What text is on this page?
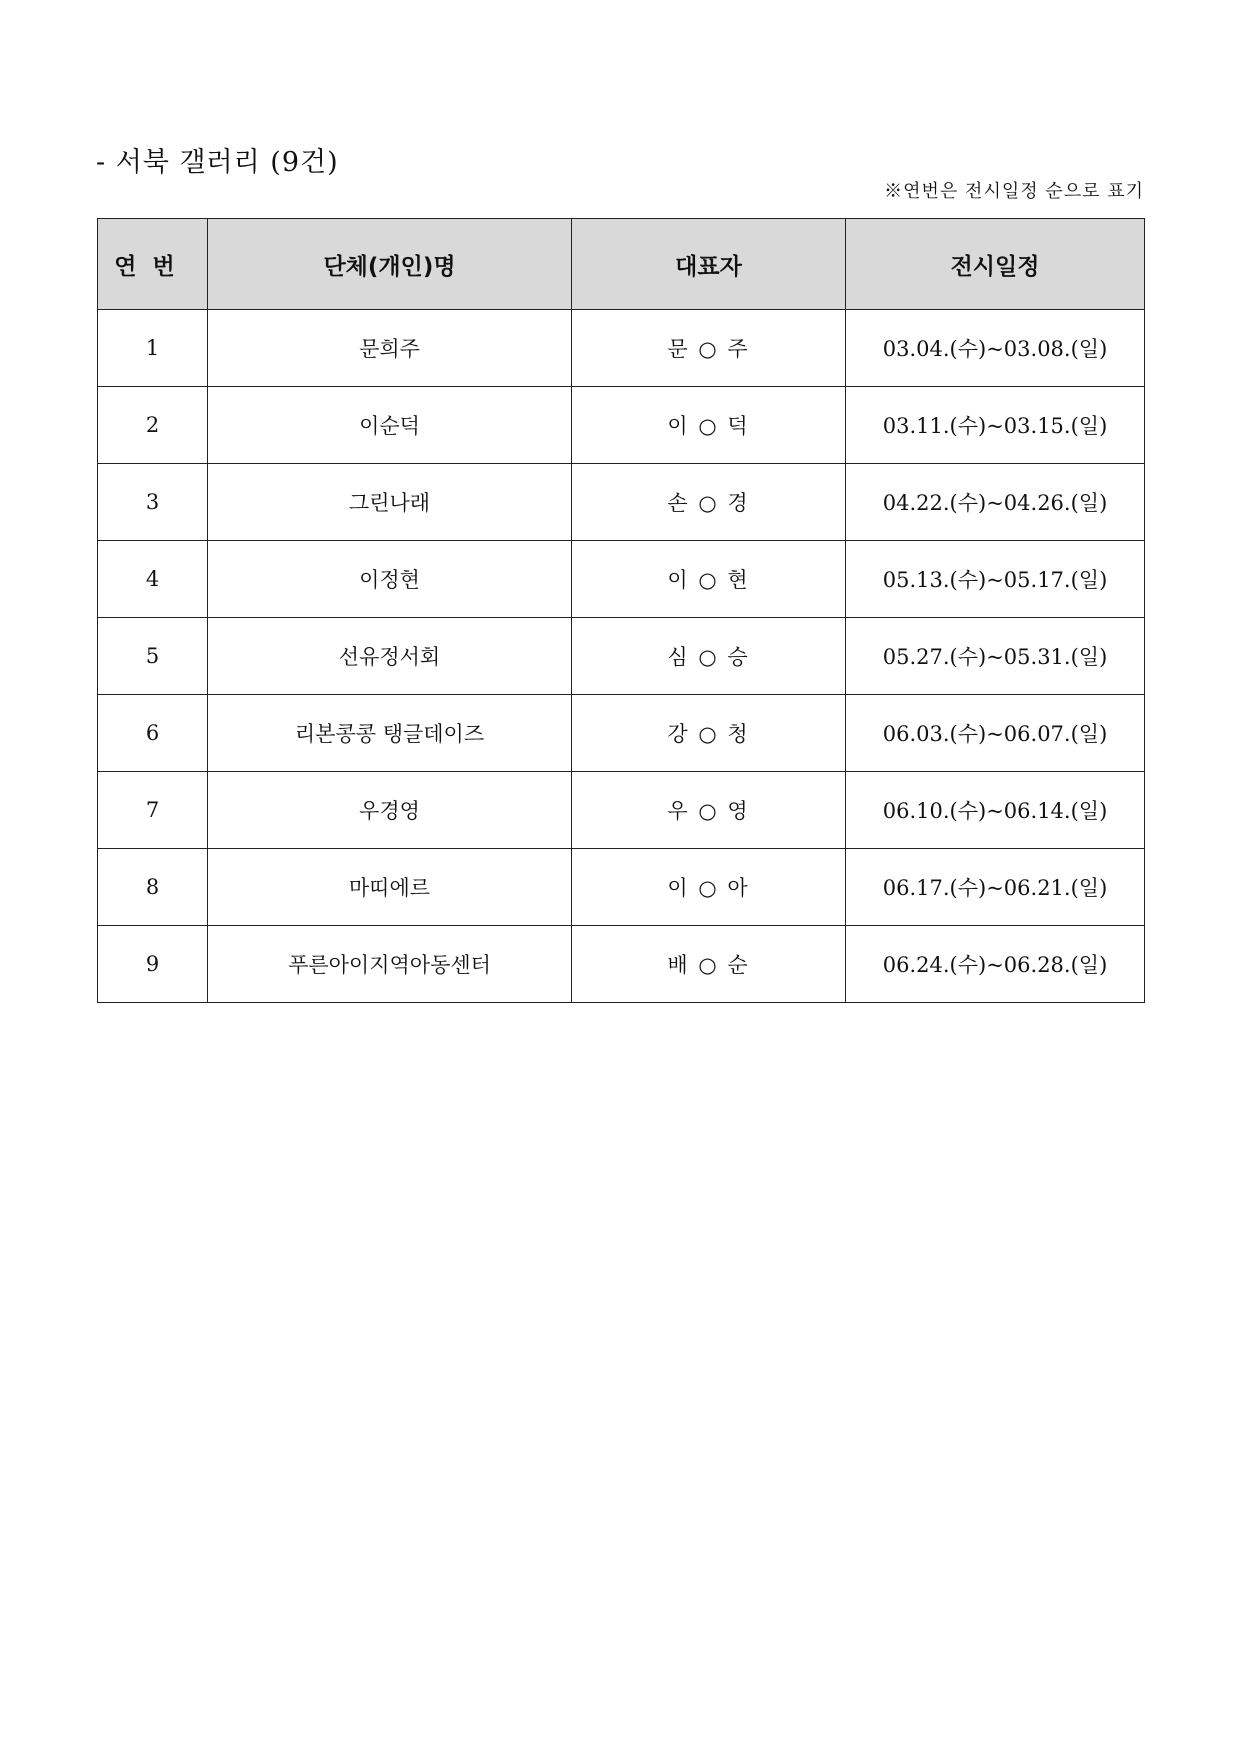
- 서북 갤러리 (9건)
※연번은 전시일정 순으로 표기
연번	단체(개인)명	대표자	전시일정
1	문희주	문 ○ 주	03.04.(수)~03.08.(일)
2	이순덕	이 ○ 덕	03.11.(수)~03.15.(일)
3	그린나래	손 ○ 경	04.22.(수)~04.26.(일)
4	이정현	이 ○ 현	05.13.(수)~05.17.(일)
5	선유정서회	심 ○ 승	05.27.(수)~05.31.(일)
6	리본콩콩 탱글데이즈	강 ○ 청	06.03.(수)~06.07.(일)
7	우경영	우 ○ 영	06.10.(수)~06.14.(일)
8	마띠에르	이 ○ 아	06.17.(수)~06.21.(일)
9	푸른아이지역아동센터	배 ○ 순	06.24.(수)~06.28.(일)
